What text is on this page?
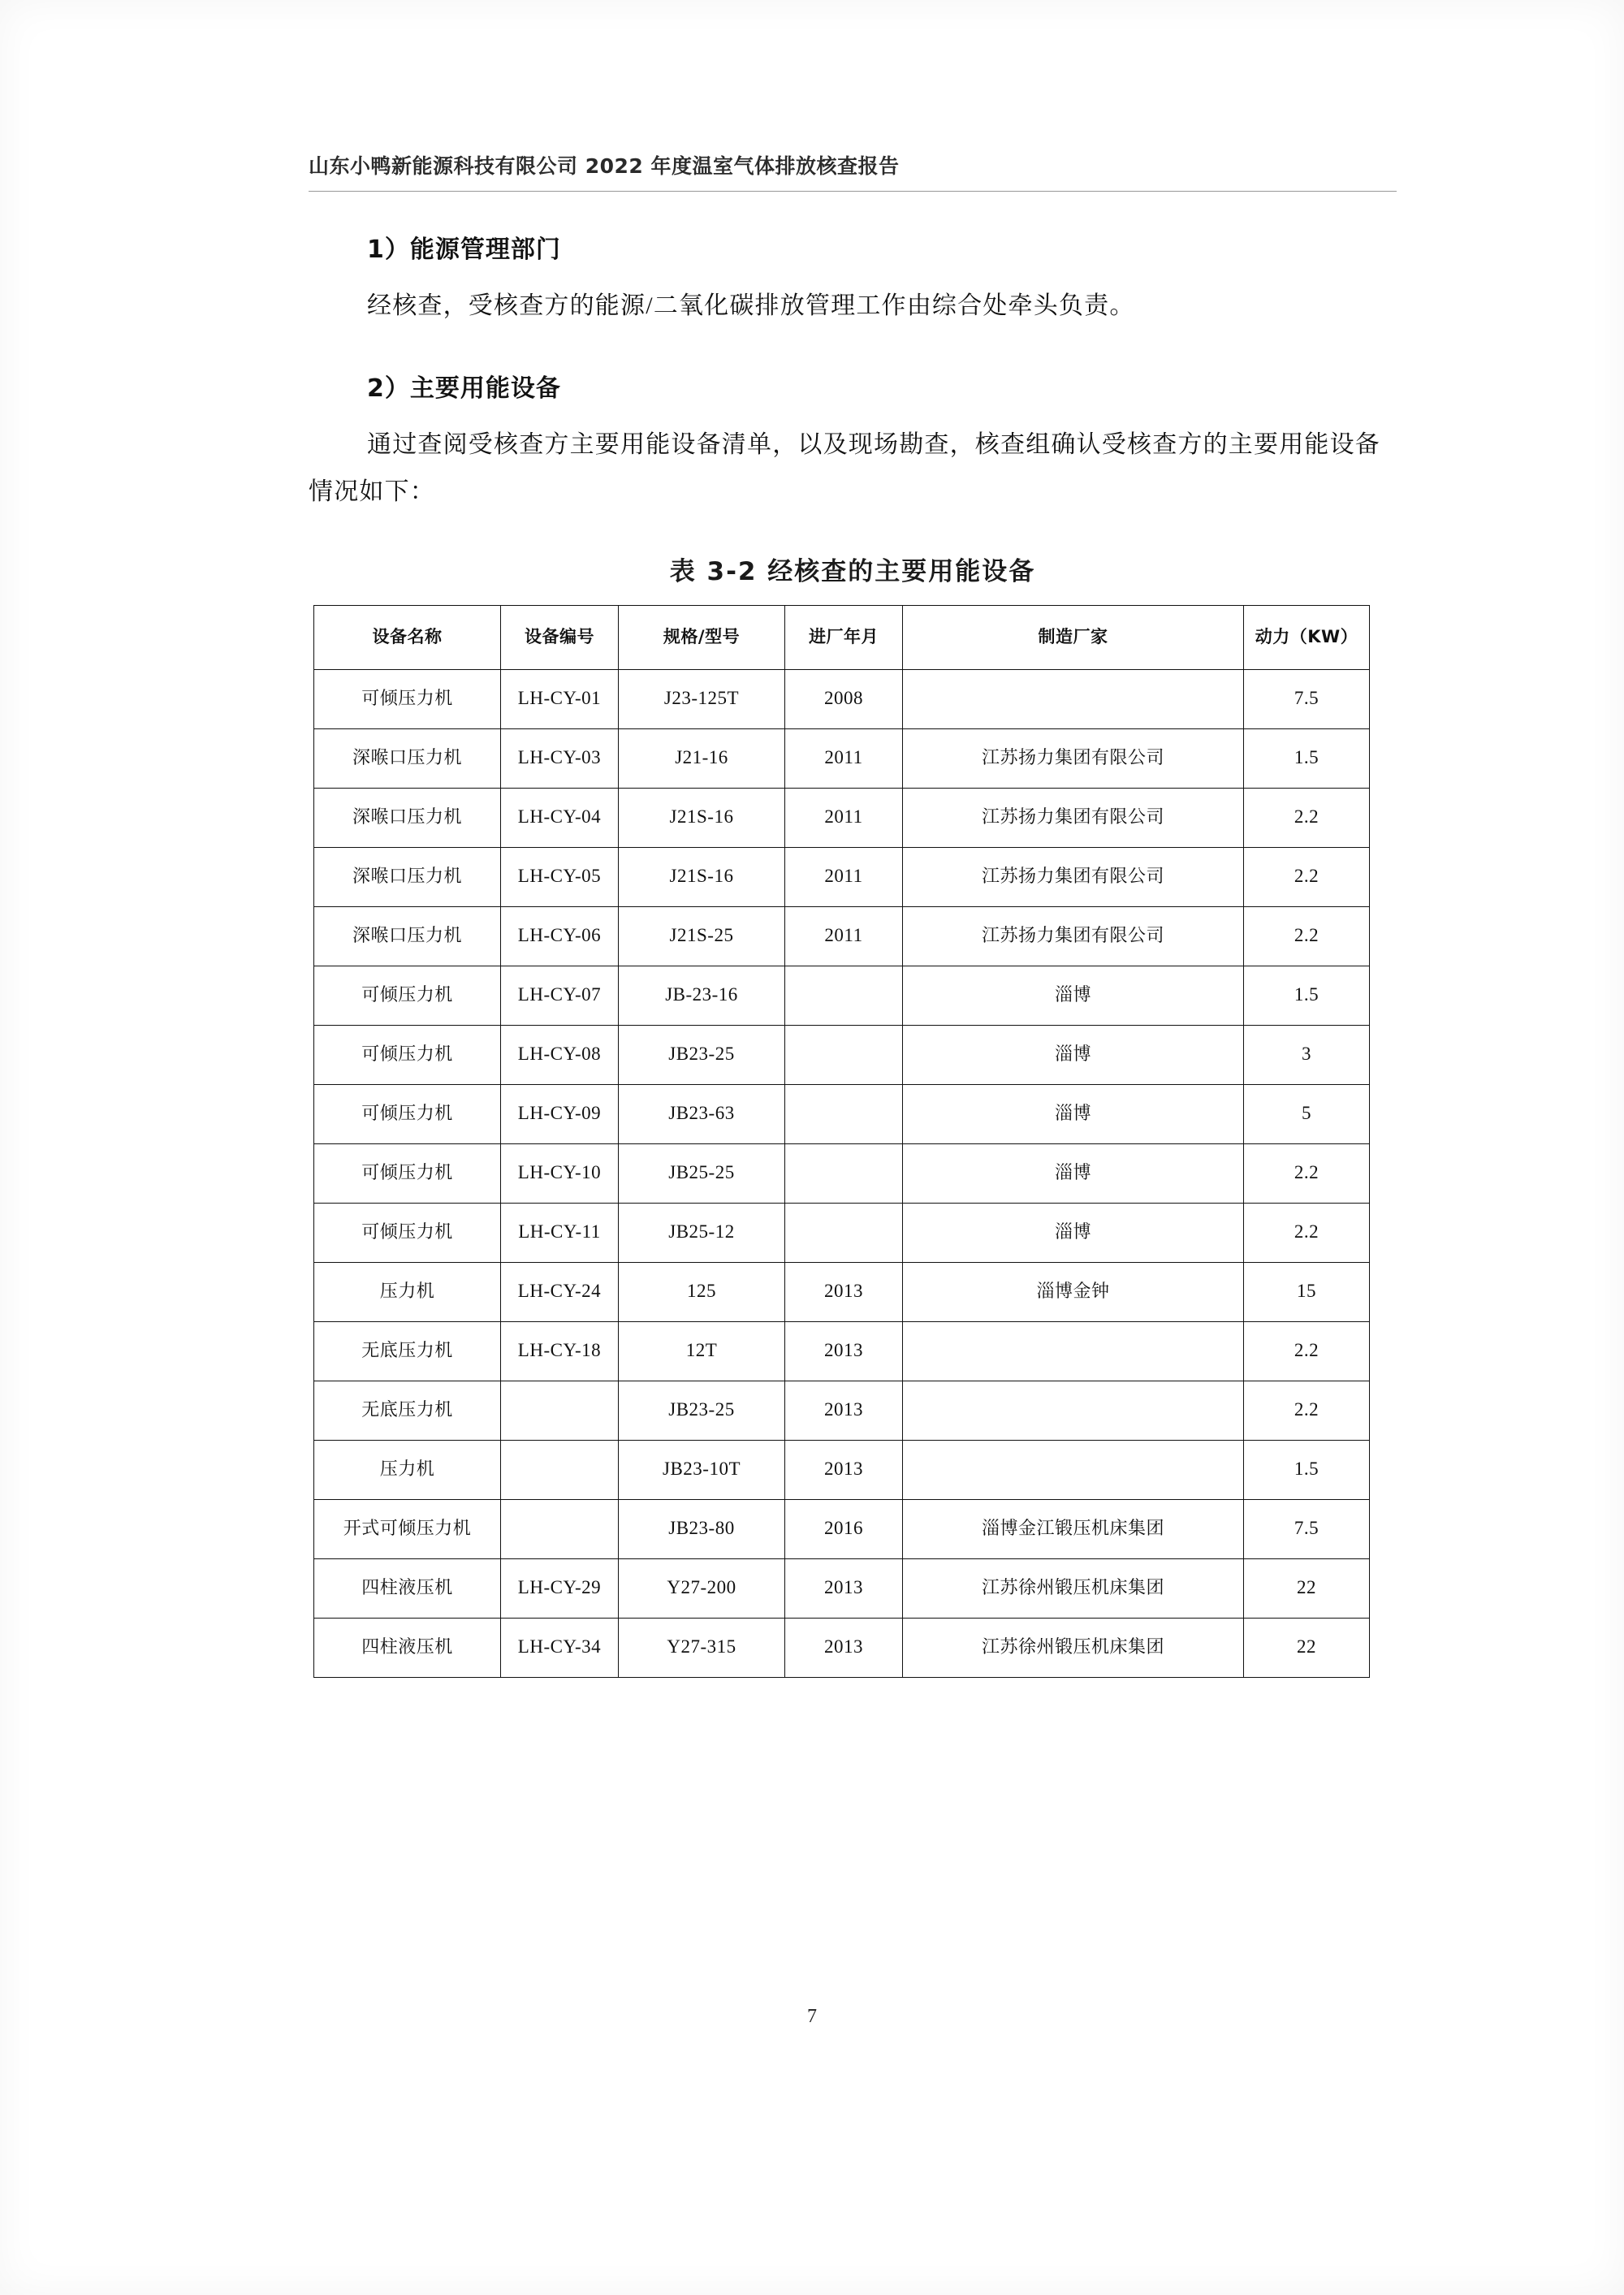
山东小鸭新能源科技有限公司 2022 年度温室气体排放核查报告
1）能源管理部门
经核查，受核查方的能源/二氧化碳排放管理工作由综合处牵头负责。
2）主要用能设备
通过查阅受核查方主要用能设备清单，以及现场勘查，核查组确认受核查方的主要用能设备情况如下：
表 3-2 经核查的主要用能设备
设备名称	设备编号	规格/型号	进厂年月	制造厂家	动力（KW）
可倾压力机	LH-CY-01	J23-125T	2008		7.5
深喉口压力机	LH-CY-03	J21-16	2011	江苏扬力集团有限公司	1.5
深喉口压力机	LH-CY-04	J21S-16	2011	江苏扬力集团有限公司	2.2
深喉口压力机	LH-CY-05	J21S-16	2011	江苏扬力集团有限公司	2.2
深喉口压力机	LH-CY-06	J21S-25	2011	江苏扬力集团有限公司	2.2
可倾压力机	LH-CY-07	JB-23-16		淄博	1.5
可倾压力机	LH-CY-08	JB23-25		淄博	3
可倾压力机	LH-CY-09	JB23-63		淄博	5
可倾压力机	LH-CY-10	JB25-25		淄博	2.2
可倾压力机	LH-CY-11	JB25-12		淄博	2.2
压力机	LH-CY-24	125	2013	淄博金钟	15
无底压力机	LH-CY-18	12T	2013		2.2
无底压力机		JB23-25	2013		2.2
压力机		JB23-10T	2013		1.5
开式可倾压力机		JB23-80	2016	淄博金江锻压机床集团	7.5
四柱液压机	LH-CY-29	Y27-200	2013	江苏徐州锻压机床集团	22
四柱液压机	LH-CY-34	Y27-315	2013	江苏徐州锻压机床集团	22
7
